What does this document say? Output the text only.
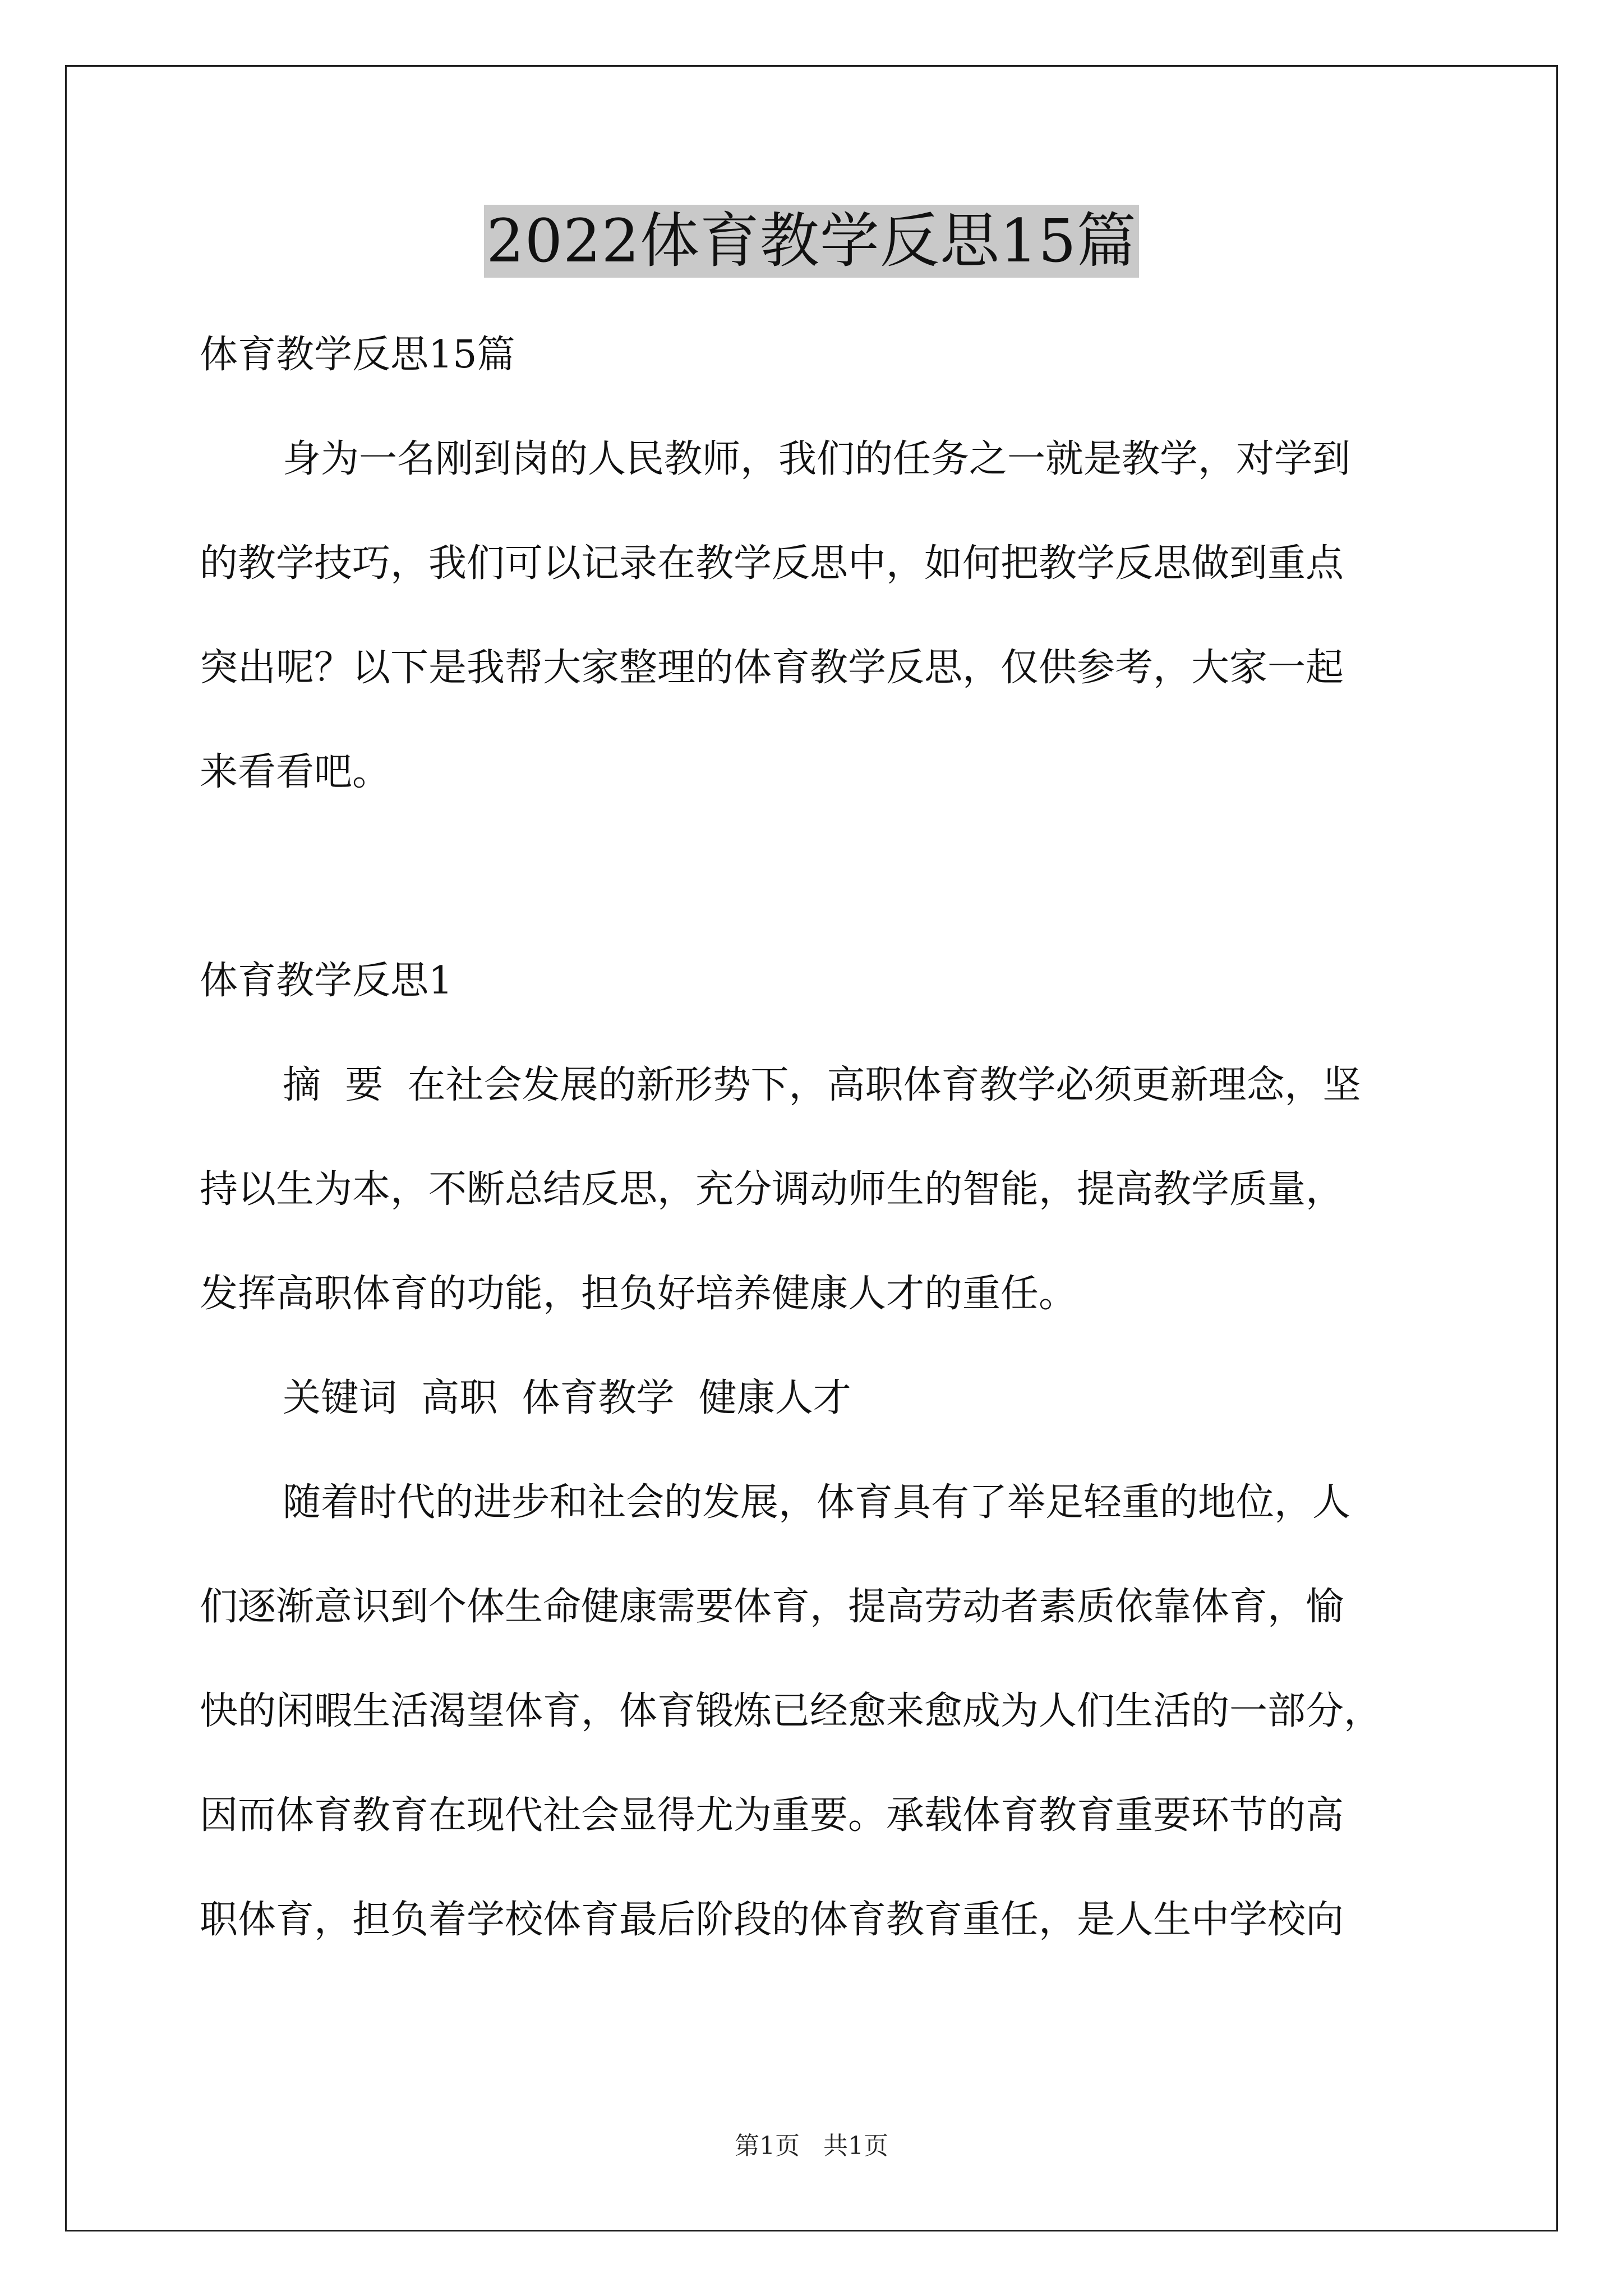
2022体育教学反思15篇

体育教学反思15篇

身为一名刚到岗的人民教师，我们的任务之一就是教学，对学到

的教学技巧，我们可以记录在教学反思中，如何把教学反思做到重点

突出呢？以下是我帮大家整理的体育教学反思，仅供参考，大家一起

来看看吧。

体育教学反思1

摘  要  在社会发展的新形势下，高职体育教学必须更新理念，坚

持以生为本，不断总结反思，充分调动师生的智能，提高教学质量，

发挥高职体育的功能，担负好培养健康人才的重任。

关键词  高职  体育教学  健康人才

随着时代的进步和社会的发展，体育具有了举足轻重的地位，人

们逐渐意识到个体生命健康需要体育，提高劳动者素质依靠体育，愉

快的闲暇生活渴望体育，体育锻炼已经愈来愈成为人们生活的一部分，

因而体育教育在现代社会显得尤为重要。承载体育教育重要环节的高

职体育，担负着学校体育最后阶段的体育教育重任，是人生中学校向

第1页 共1页
